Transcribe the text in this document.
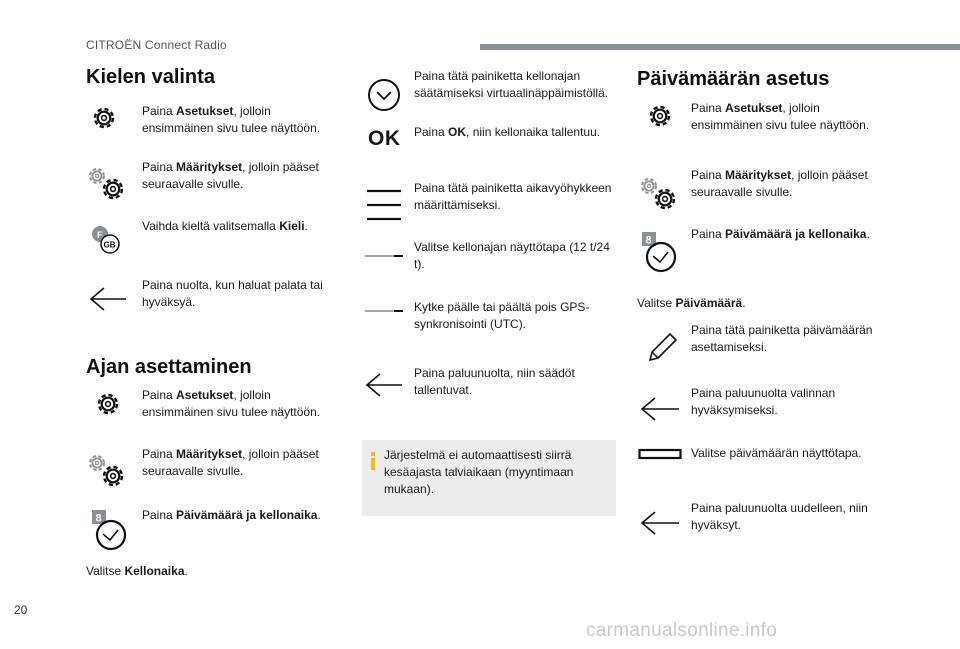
CITROËN Connect Radio
Kielen valinta
Paina Asetukset, jolloin ensimmäinen sivu tulee näyttöön.
Paina Määritykset, jolloin pääset seuraavalle sivulle.
F
GB
Vaihda kieltä valitsemalla Kieli.
Paina nuolta, kun haluat palata tai hyväksyä.
Ajan asettaminen
Paina Asetukset, jolloin ensimmäinen sivu tulee näyttöön.
Paina Määritykset, jolloin pääset seuraavalle sivulle.
8	Paina Päivämäärä ja kellonaika.
Valitse Kellonaika.
Paina tätä painiketta kellonajan säätämiseksi virtuaalinäppäimistöllä.
OK Paina OK, niin kellonaika tallentuu.
Paina tätä painiketta aikavyöhykkeen määrittämiseksi.
Valitse kellonajan näyttötapa (12 t/24 t).
Kytke päälle tai päältä pois GPS-synkronisointi (UTC).
Paina paluunuolta, niin säädöt tallentuvat.
Järjestelmä ei automaattisesti siirrä kesäajasta talviaikaan (myyntimaan mukaan).
Päivämäärän asetus
Paina Asetukset, jolloin ensimmäinen sivu tulee näyttöön.
Paina Määritykset, jolloin pääset seuraavalle sivulle.
8	Paina Päivämäärä ja kellonaika.
Valitse Päivämäärä.
Paina tätä painiketta päivämäärän asettamiseksi.
Paina paluunuolta valinnan hyväksymiseksi.
Valitse päivämäärän näyttötapa.
Paina paluunuolta uudelleen, niin hyväksyt.
20
carmanualsonline.info
